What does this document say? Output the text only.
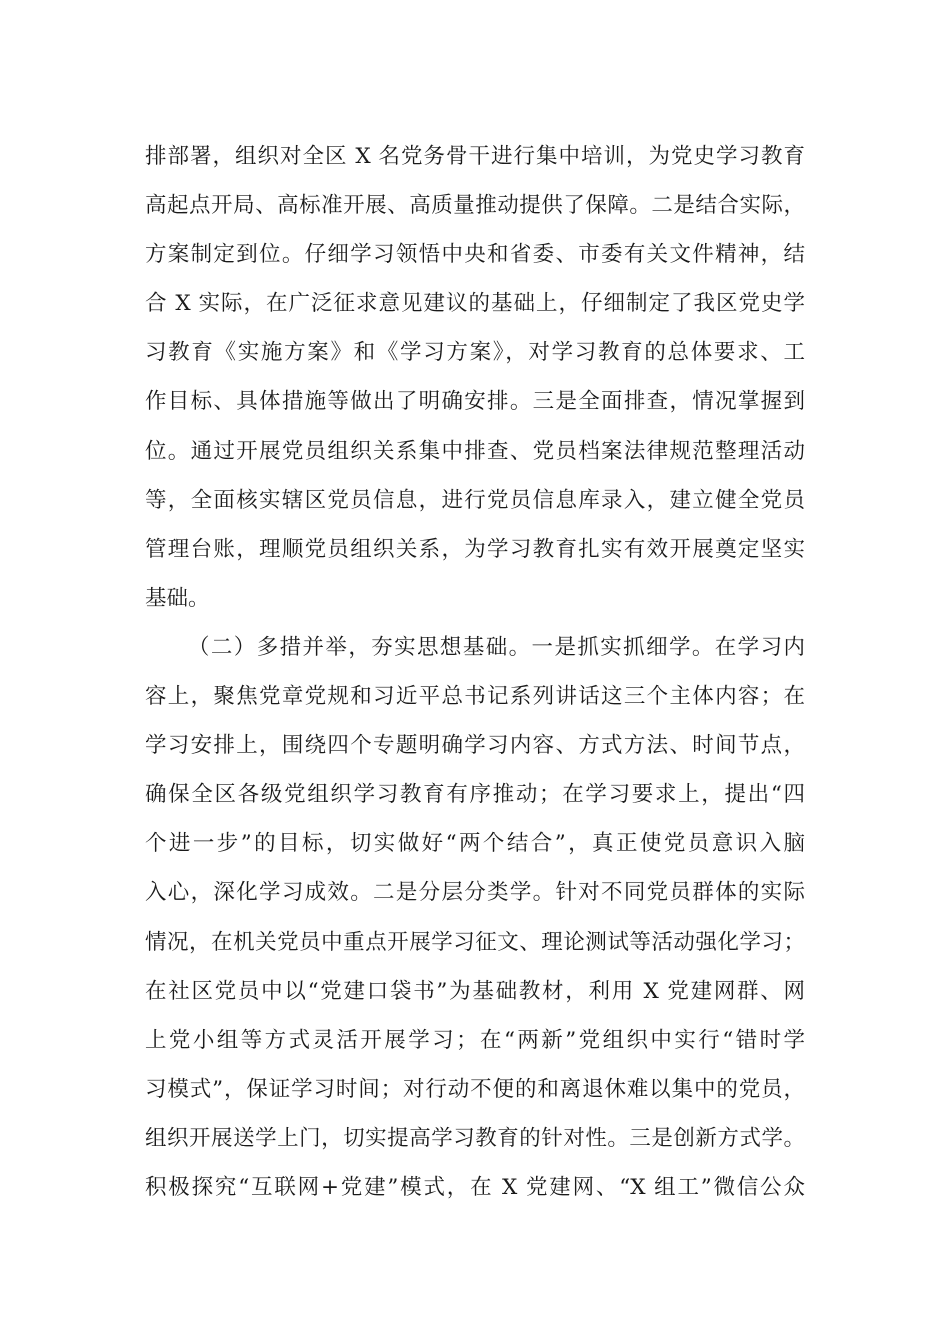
排部署，组织对全区 X 名党务骨干进行集中培训，为党史学习教育
高起点开局、高标准开展、高质量推动提供了保障。二是结合实际，
方案制定到位。仔细学习领悟中央和省委、市委有关文件精神，结
合 X 实际，在广泛征求意见建议的基础上，仔细制定了我区党史学
习教育《实施方案》和《学习方案》，对学习教育的总体要求、工
作目标、具体措施等做出了明确安排。三是全面排查，情况掌握到
位。通过开展党员组织关系集中排查、党员档案法律规范整理活动
等，全面核实辖区党员信息，进行党员信息库录入，建立健全党员
管理台账，理顺党员组织关系，为学习教育扎实有效开展奠定坚实
基础。
（二）多措并举，夯实思想基础。一是抓实抓细学。在学习内
容上，聚焦党章党规和习近平总书记系列讲话这三个主体内容；在
学习安排上，围绕四个专题明确学习内容、方式方法、时间节点，
确保全区各级党组织学习教育有序推动；在学习要求上，提出“四
个进一步”的目标，切实做好“两个结合”，真正使党员意识入脑
入心，深化学习成效。二是分层分类学。针对不同党员群体的实际
情况，在机关党员中重点开展学习征文、理论测试等活动强化学习；
在社区党员中以“党建口袋书”为基础教材，利用 X 党建网群、网
上党小组等方式灵活开展学习；在“两新”党组织中实行“错时学
习模式”，保证学习时间；对行动不便的和离退休难以集中的党员，
组织开展送学上门，切实提高学习教育的针对性。三是创新方式学。
积极探究“互联网+党建”模式，在 X 党建网、“X 组工”微信公众
